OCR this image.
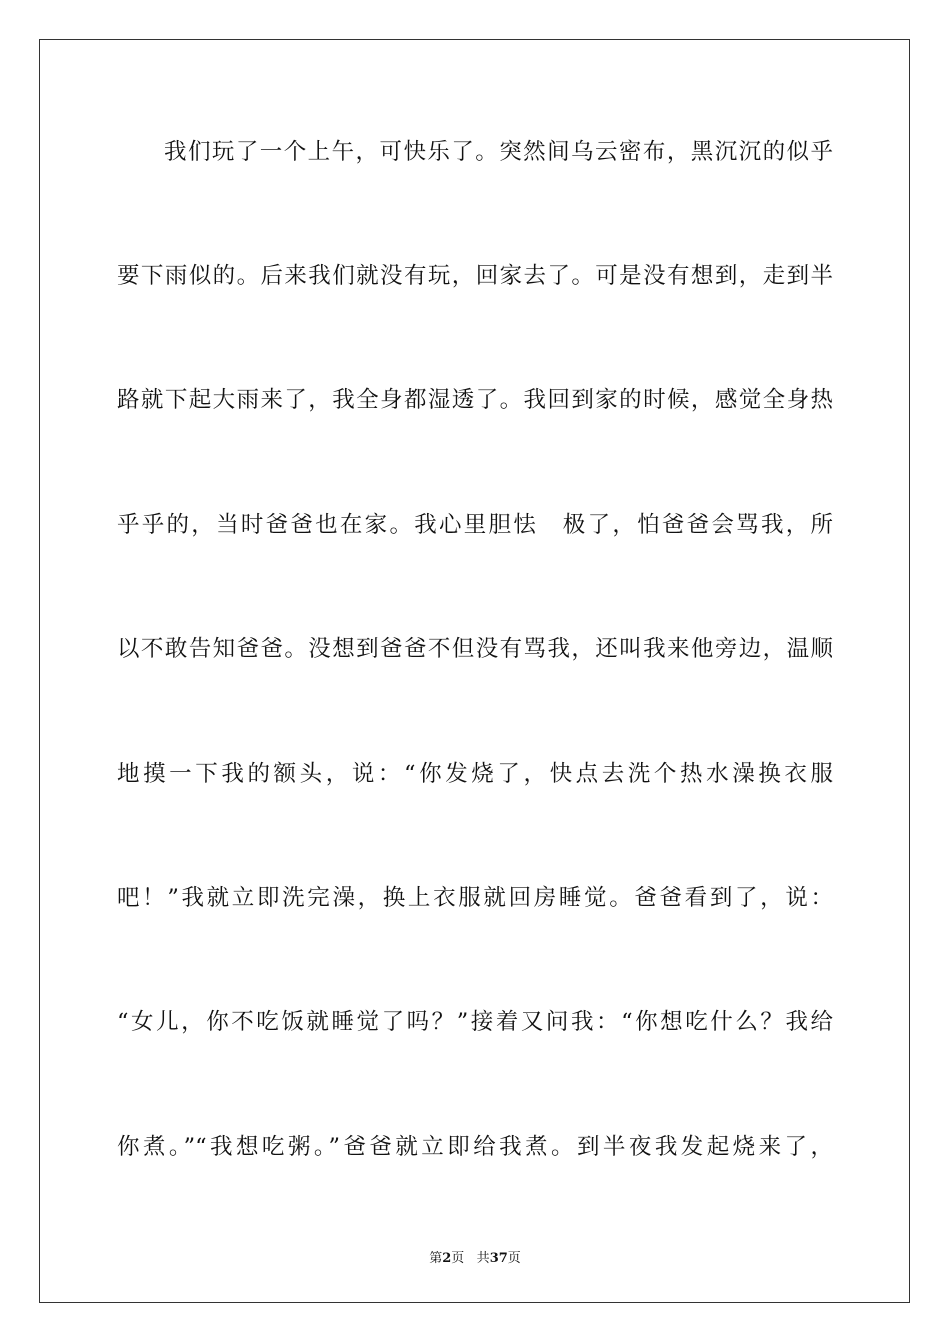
我们玩了一个上午，可快乐了。突然间乌云密布，黑沉沉的似乎
要下雨似的。后来我们就没有玩，回家去了。可是没有想到，走到半
路就下起大雨来了，我全身都湿透了。我回到家的时候，感觉全身热
乎乎的，当时爸爸也在家。我心里胆怯　极了，怕爸爸会骂我，所
以不敢告知爸爸。没想到爸爸不但没有骂我，还叫我来他旁边，温顺
地摸一下我的额头，说：“你发烧了，快点去洗个热水澡换衣服
吧！”我就立即洗完澡，换上衣服就回房睡觉。爸爸看到了，说：
“女儿，你不吃饭就睡觉了吗？”接着又问我：“你想吃什么？我给
你煮。”“我想吃粥。”爸爸就立即给我煮。到半夜我发起烧来了，
第2页 共37页
